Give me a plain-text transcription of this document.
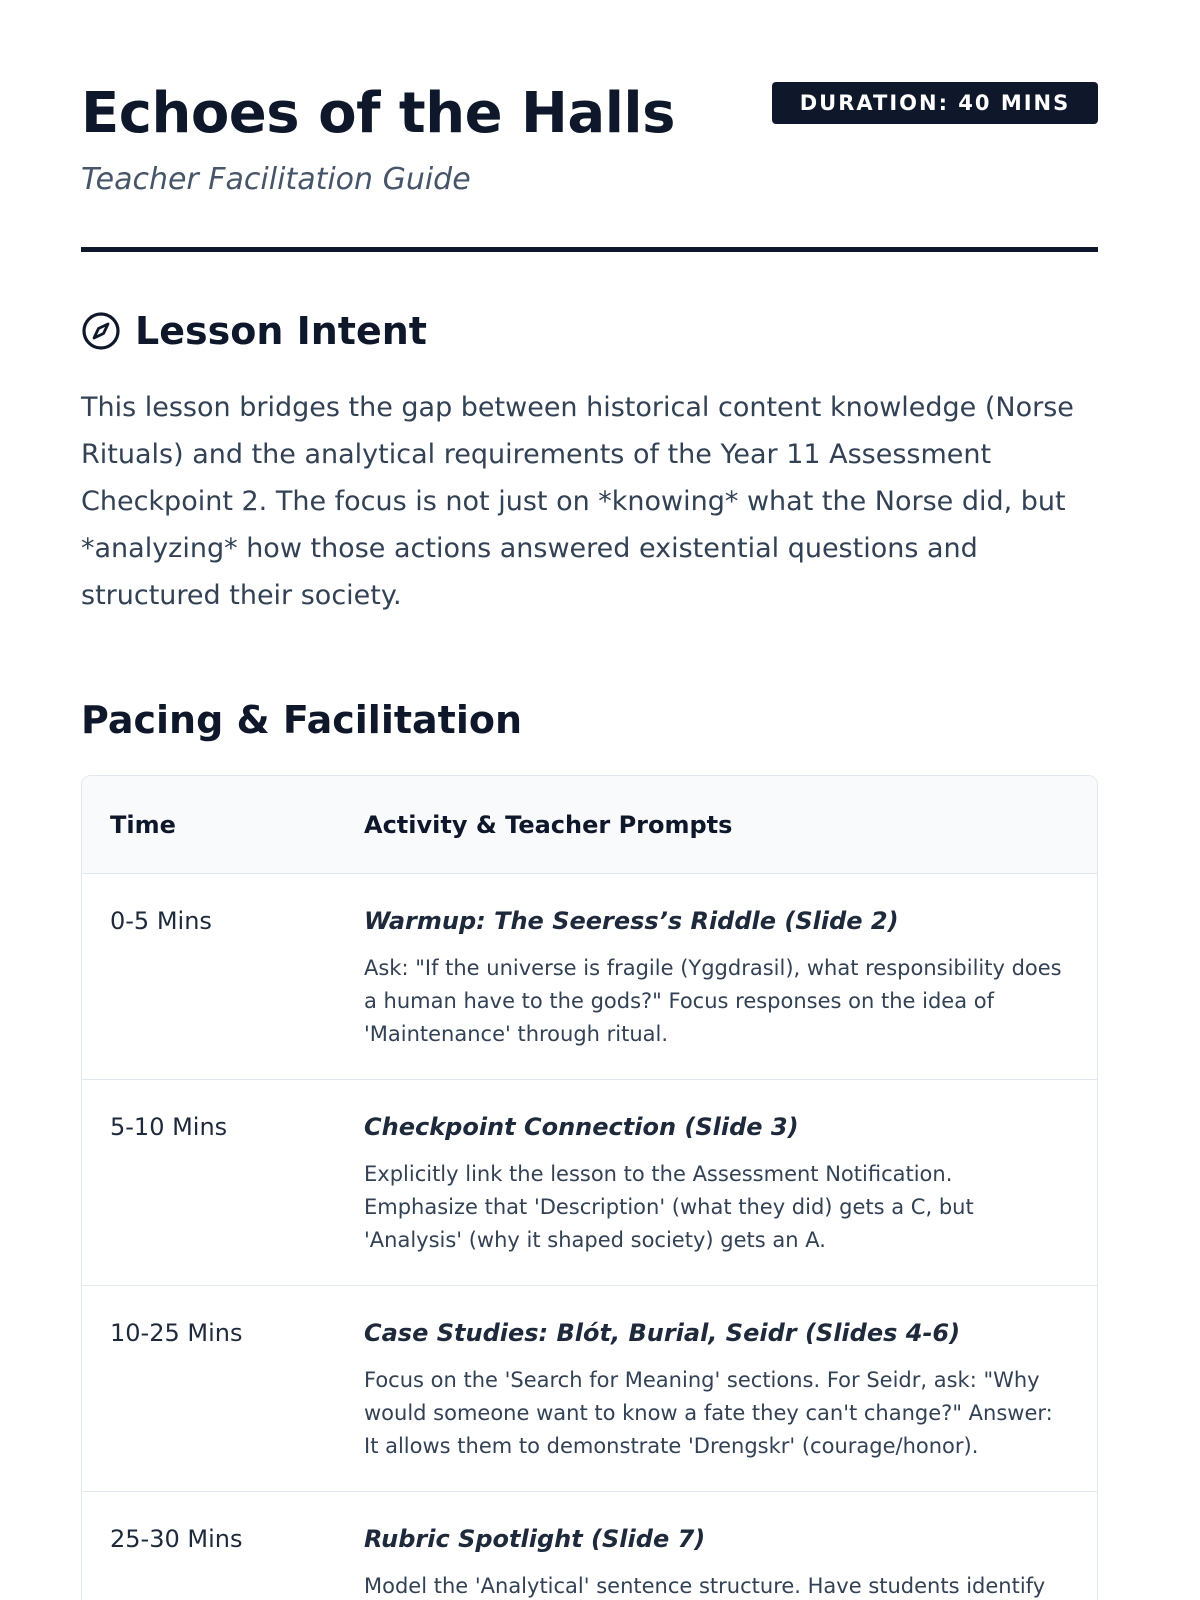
Echoes of the Halls
Teacher Facilitation Guide
DURATION: 40 MINS
Lesson Intent

This lesson bridges the gap between historical content knowledge (Norse Rituals) and the analytical requirements of the Year 11 Assessment Checkpoint 2. The focus is not just on *knowing* what the Norse did, but *analyzing* how those actions answered existential questions and structured their society.

Pacing & Facilitation
Time	Activity & Teacher Prompts
0-5 Mins	Warmup: The Seeress’s Riddle (Slide 2)
Ask: "If the universe is fragile (Yggdrasil), what responsibility does a human have to the gods?" Focus responses on the idea of 'Maintenance' through ritual.
5-10 Mins	Checkpoint Connection (Slide 3)
Explicitly link the lesson to the Assessment Notification. Emphasize that 'Description' (what they did) gets a C, but 'Analysis' (why it shaped society) gets an A.
10-25 Mins	Case Studies: Blót, Burial, Seidr (Slides 4-6)
Focus on the 'Search for Meaning' sections. For Seidr, ask: "Why would someone want to know a fate they can't change?" Answer: It allows them to demonstrate 'Drengskr' (courage/honor).
25-30 Mins	Rubric Spotlight (Slide 7)
Model the 'Analytical' sentence structure. Have students identify
